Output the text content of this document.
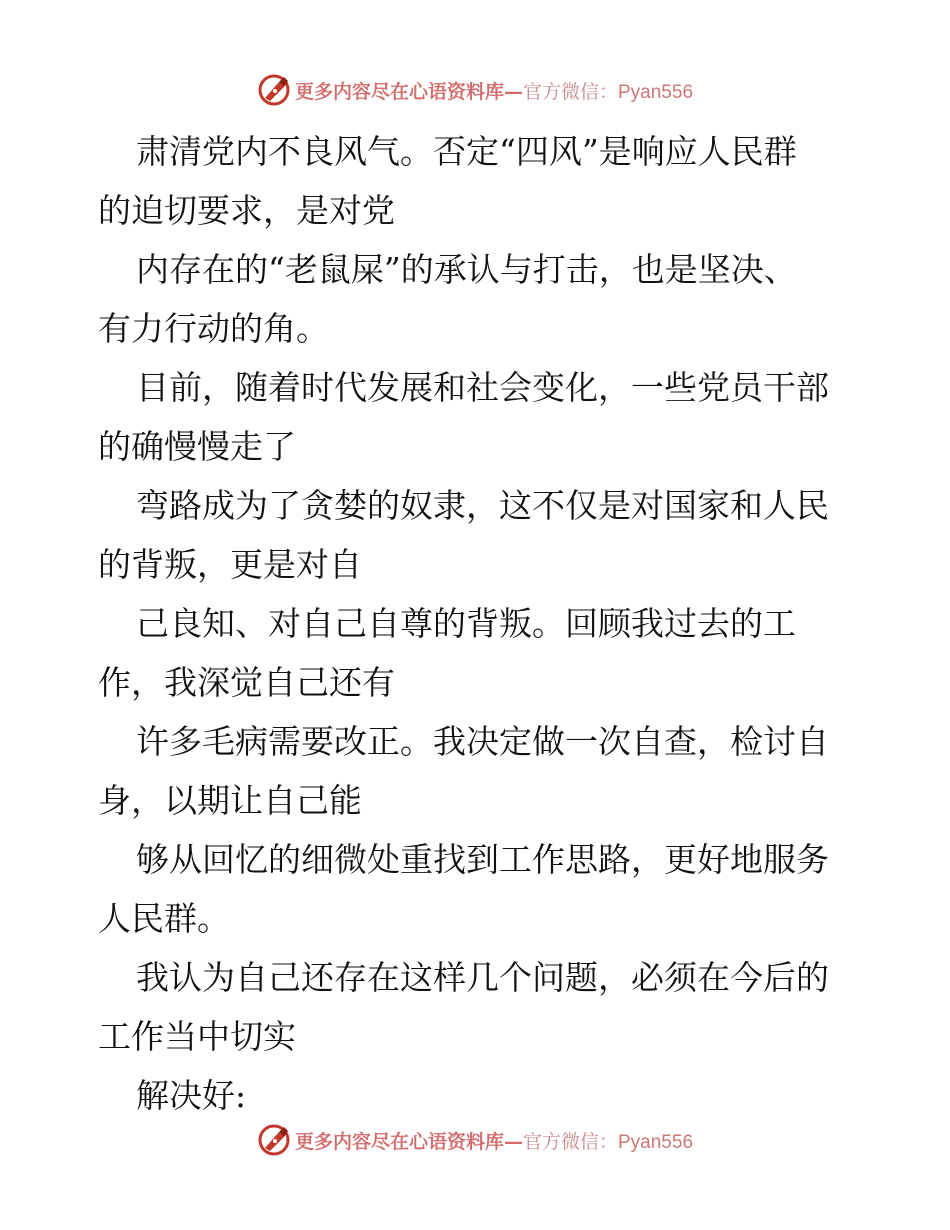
更多内容尽在心语资料库—官方微信：Pyan556

肃清党内不良风气。否定“四风”是响应人民群

的迫切要求，是对党

内存在的“老鼠屎”的承认与打击，也是坚决、

有力行动的角。

目前，随着时代发展和社会变化，一些党员干部

的确慢慢走了

弯路成为了贪婪的奴隶，这不仅是对国家和人民

的背叛，更是对自

己良知、对自己自尊的背叛。回顾我过去的工

作，我深觉自己还有

许多毛病需要改正。我决定做一次自查，检讨自

身，以期让自己能

够从回忆的细微处重找到工作思路，更好地服务

人民群。

我认为自己还存在这样几个问题，必须在今后的

工作当中切实

解决好:

更多内容尽在心语资料库—官方微信：Pyan556
